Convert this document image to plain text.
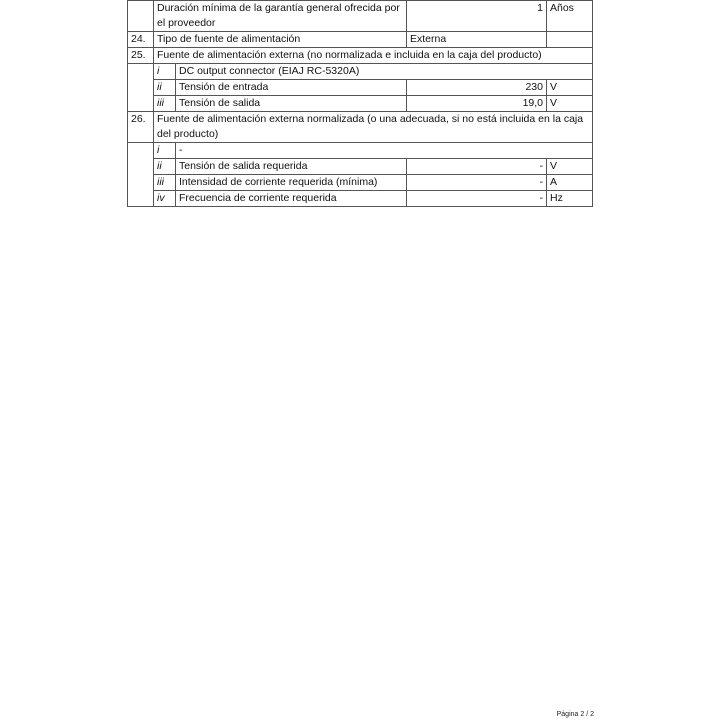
	Duración mínima de la garantía general ofrecida por el proveedor		1	Años
24.	Tipo de fuente de alimentación		Externa	
25.	Fuente de alimentación externa (no normalizada e incluida en la caja del producto)			
	i	DC output connector (EIAJ RC-5320A)		
	ii	Tensión de entrada	230	V
	iii	Tensión de salida	19,0	V
26.	Fuente de alimentación externa normalizada (o una adecuada, si no está incluida en la caja del producto)			
	i	-		
	ii	Tensión de salida requerida	-	V
	iii	Intensidad de corriente requerida (mínima)	-	A
	iv	Frecuencia de corriente requerida	-	Hz
Página 2 / 2
